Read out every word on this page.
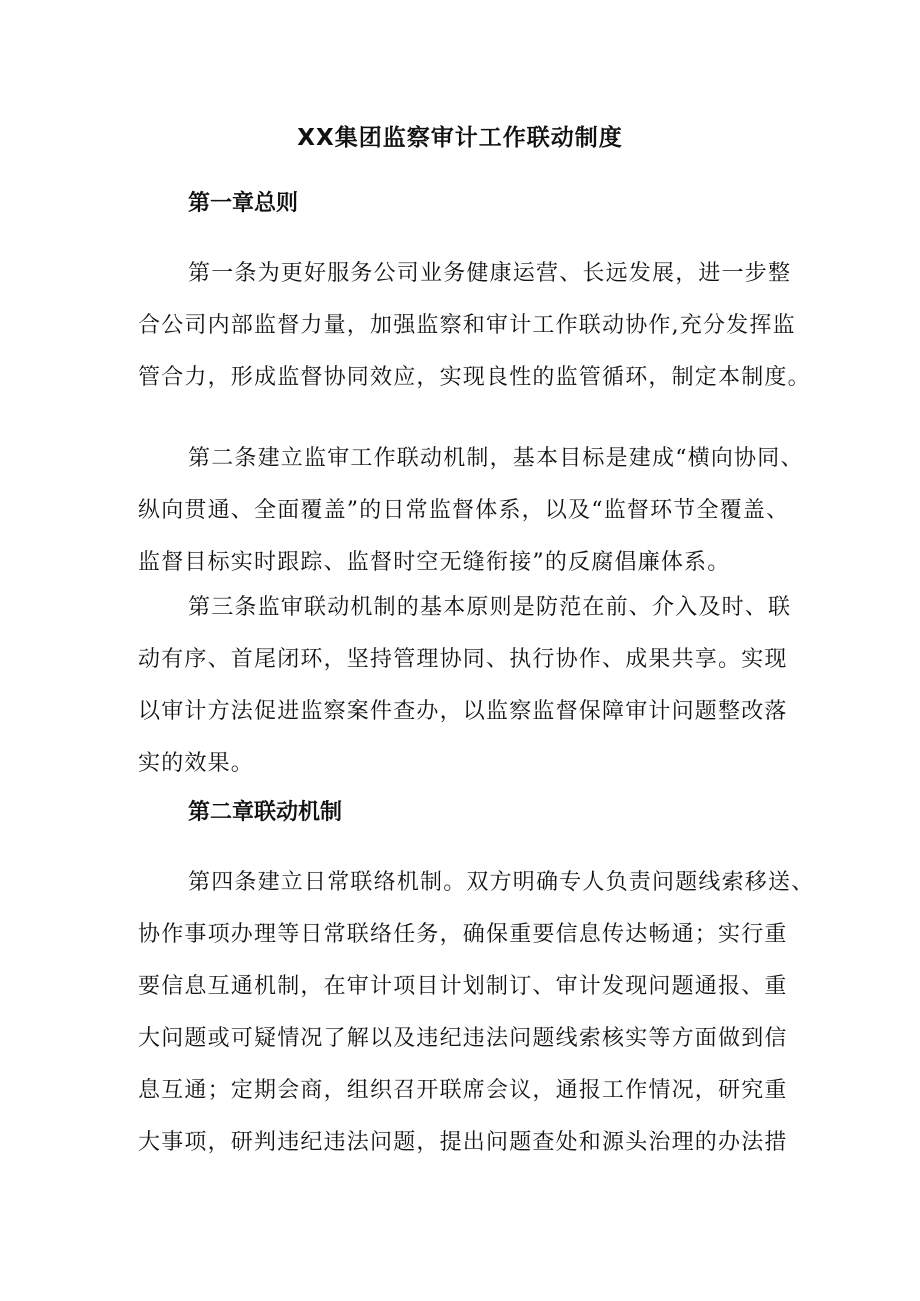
XX集团监察审计工作联动制度
第一章总则

第一条为更好服务公司业务健康运营、长远发展，进一步整
合公司内部监督力量，加强监察和审计工作联动协作,充分发挥监
管合力，形成监督协同效应，实现良性的监管循环，制定本制度。

第二条建立监审工作联动机制，基本目标是建成“横向协同、
纵向贯通、全面覆盖”的日常监督体系，以及“监督环节全覆盖、
监督目标实时跟踪、监督时空无缝衔接”的反腐倡廉体系。

第三条监审联动机制的基本原则是防范在前、介入及时、联
动有序、首尾闭环，坚持管理协同、执行协作、成果共享。实现
以审计方法促进监察案件查办，以监察监督保障审计问题整改落
实的效果。

第二章联动机制

第四条建立日常联络机制。双方明确专人负责问题线索移送、
协作事项办理等日常联络任务，确保重要信息传达畅通；实行重
要信息互通机制，在审计项目计划制订、审计发现问题通报、重
大问题或可疑情况了解以及违纪违法问题线索核实等方面做到信
息互通；定期会商，组织召开联席会议，通报工作情况，研究重
大事项，研判违纪违法问题，提出问题查处和源头治理的办法措
